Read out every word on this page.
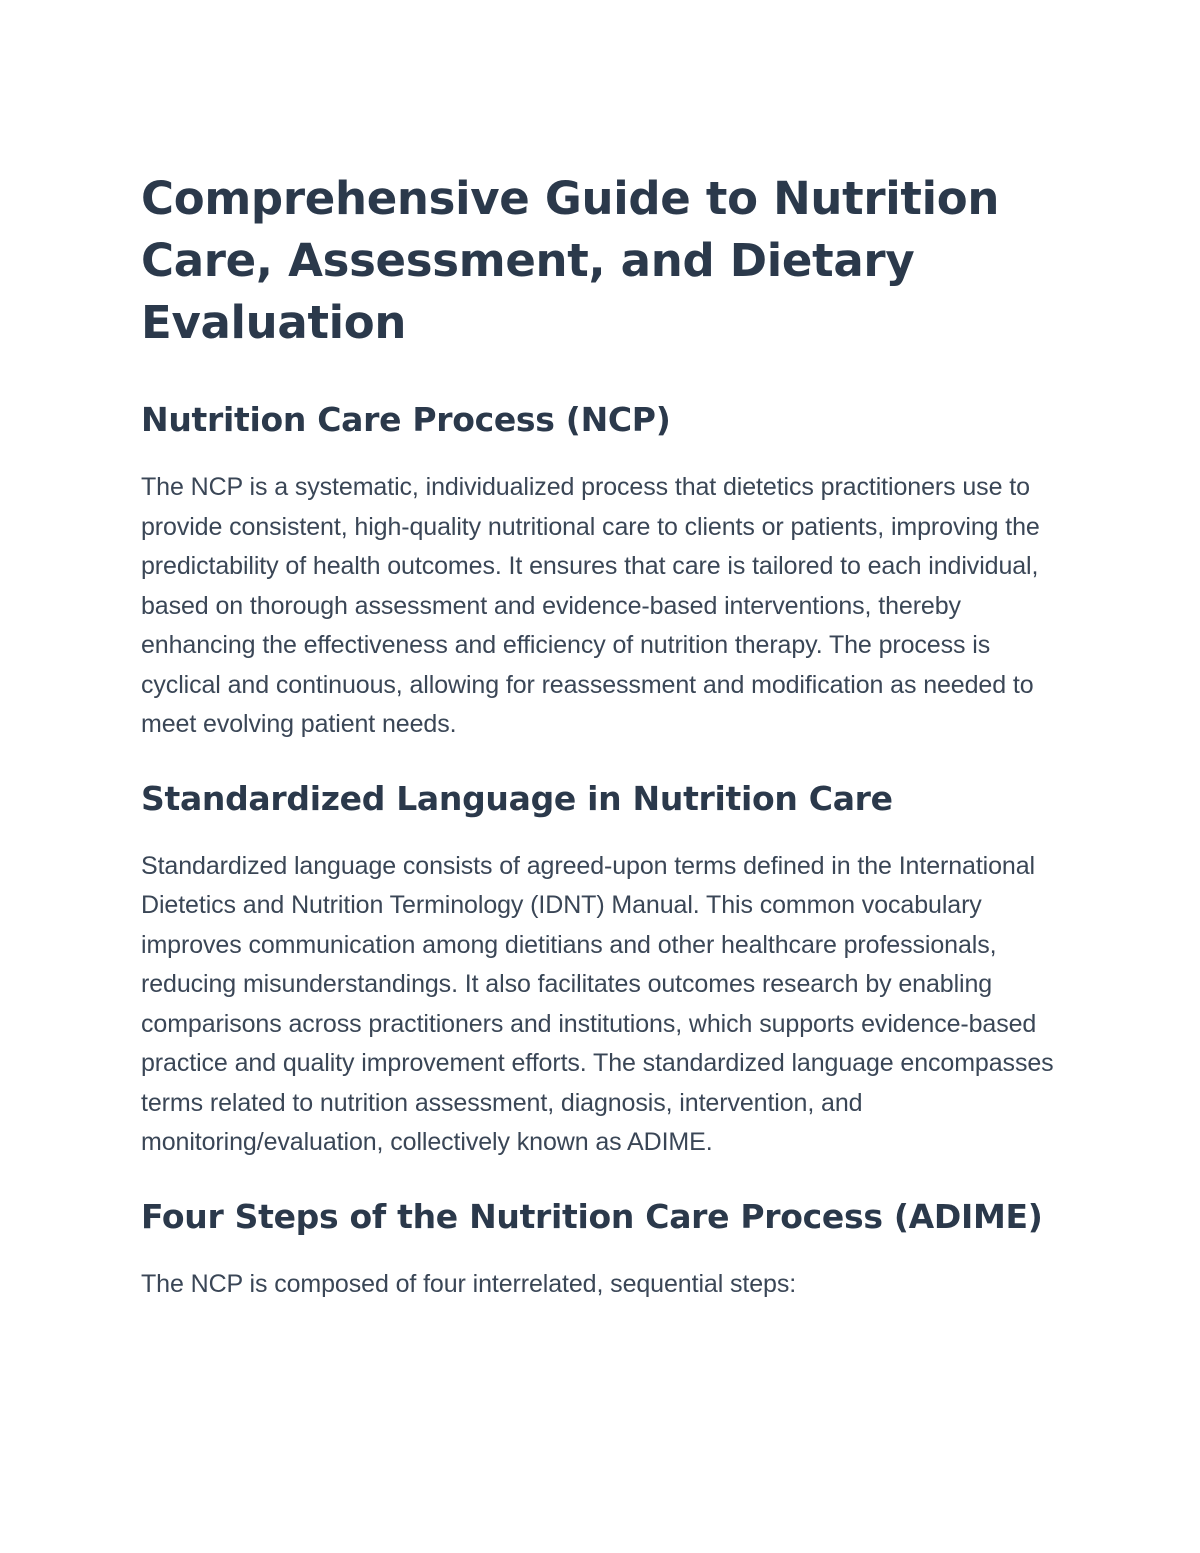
Comprehensive Guide to Nutrition Care, Assessment, and Dietary Evaluation
Nutrition Care Process (NCP)

The NCP is a systematic, individualized process that dietetics practitioners use to provide consistent, high-quality nutritional care to clients or patients, improving the predictability of health outcomes. It ensures that care is tailored to each individual, based on thorough assessment and evidence-based interventions, thereby enhancing the effectiveness and efficiency of nutrition therapy. The process is cyclical and continuous, allowing for reassessment and modification as needed to meet evolving patient needs.

Standardized Language in Nutrition Care

Standardized language consists of agreed-upon terms defined in the International Dietetics and Nutrition Terminology (IDNT) Manual. This common vocabulary improves communication among dietitians and other healthcare professionals, reducing misunderstandings. It also facilitates outcomes research by enabling comparisons across practitioners and institutions, which supports evidence-based practice and quality improvement efforts. The standardized language encompasses terms related to nutrition assessment, diagnosis, intervention, and monitoring/evaluation, collectively known as ADIME.

Four Steps of the Nutrition Care Process (ADIME)

The NCP is composed of four interrelated, sequential steps:
